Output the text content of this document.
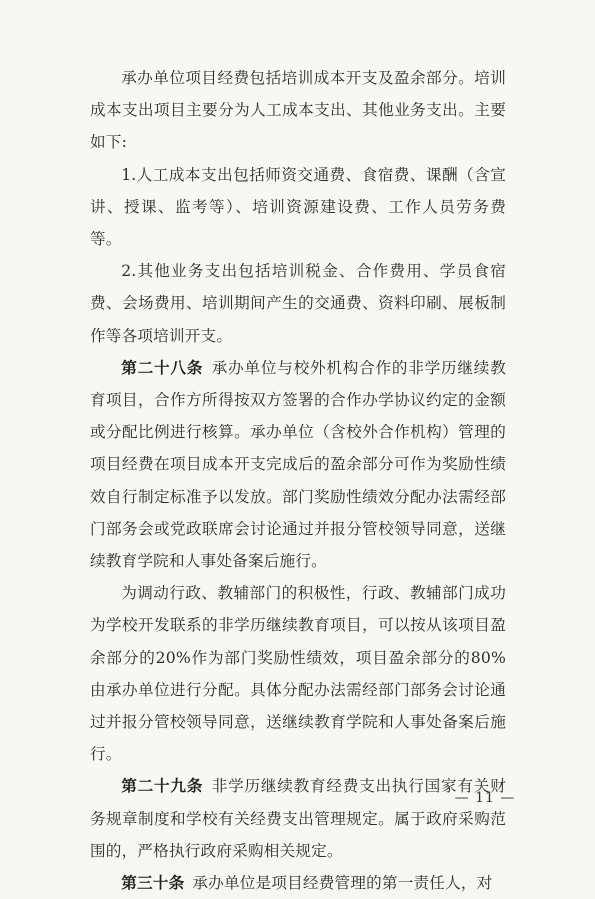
承办单位项目经费包括培训成本开支及盈余部分。培训成本支出项目主要分为人工成本支出、其他业务支出。主要如下:

1.人工成本支出包括师资交通费、食宿费、课酬（含宣讲、授课、监考等）、培训资源建设费、工作人员劳务费等。

2.其他业务支出包括培训税金、合作费用、学员食宿费、会场费用、培训期间产生的交通费、资料印刷、展板制作等各项培训开支。

第二十八条  承办单位与校外机构合作的非学历继续教育项目，合作方所得按双方签署的合作办学协议约定的金额或分配比例进行核算。承办单位（含校外合作机构）管理的项目经费在项目成本开支完成后的盈余部分可作为奖励性绩效自行制定标准予以发放。部门奖励性绩效分配办法需经部门部务会或党政联席会讨论通过并报分管校领导同意，送继续教育学院和人事处备案后施行。

为调动行政、教辅部门的积极性，行政、教辅部门成功为学校开发联系的非学历继续教育项目，可以按从该项目盈余部分的20%作为部门奖励性绩效，项目盈余部分的80%由承办单位进行分配。具体分配办法需经部门部务会讨论通过并报分管校领导同意，送继续教育学院和人事处备案后施行。

第二十九条  非学历继续教育经费支出执行国家有关财务规章制度和学校有关经费支出管理规定。属于政府采购范围的，严格执行政府采购相关规定。

第三十条  承办单位是项目经费管理的第一责任人，对

— 11 —
